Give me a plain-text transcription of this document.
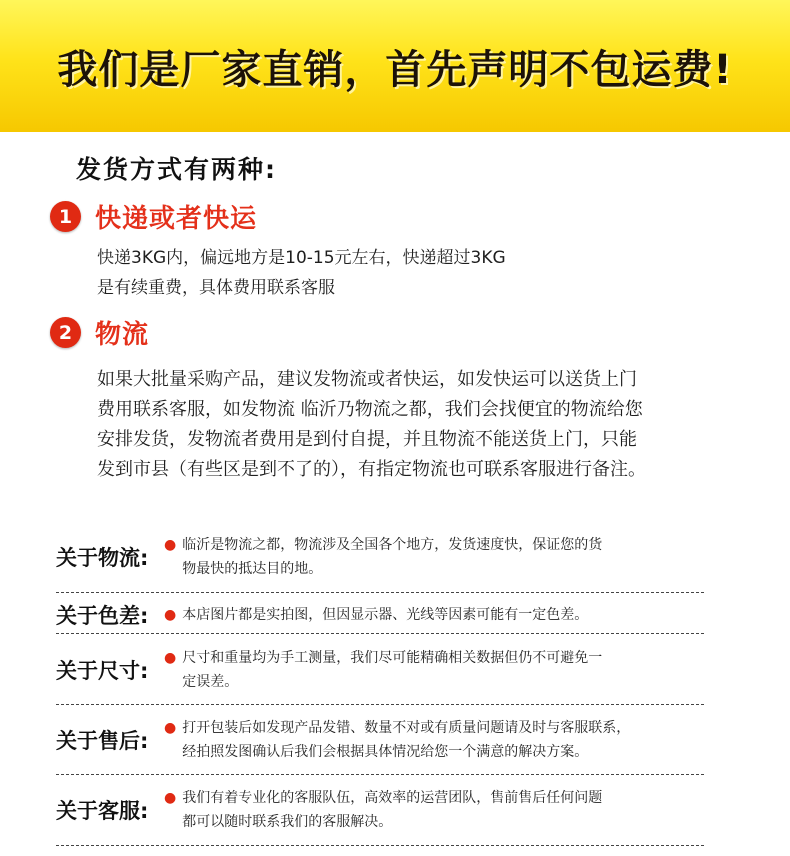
我们是厂家直销，首先声明不包运费!
发货方式有两种:
1 快递或者快运
快递3KG内，偏远地方是10-15元左右，快递超过3KG
是有续重费，具体费用联系客服
2 物流
如果大批量采购产品，建议发物流或者快运，如发快运可以送货上门
费用联系客服，如发物流 临沂乃物流之都，我们会找便宜的物流给您
安排发货，发物流者费用是到付自提，并且物流不能送货上门，只能
发到市县（有些区是到不了的），有指定物流也可联系客服进行备注。
关于物流:
● 临沂是物流之都，物流涉及全国各个地方，发货速度快，保证您的货
物最快的抵达目的地。
关于色差:	● 本店图片都是实拍图，但因显示器、光线等因素可能有一定色差。
关于尺寸:
● 尺寸和重量均为手工测量，我们尽可能精确相关数据但仍不可避免一
定误差。
关于售后:
● 打开包装后如发现产品发错、数量不对或有质量问题请及时与客服联系，
经拍照发图确认后我们会根据具体情况给您一个满意的解决方案。
关于客服:
● 我们有着专业化的客服队伍，高效率的运营团队，售前售后任何问题
都可以随时联系我们的客服解决。
